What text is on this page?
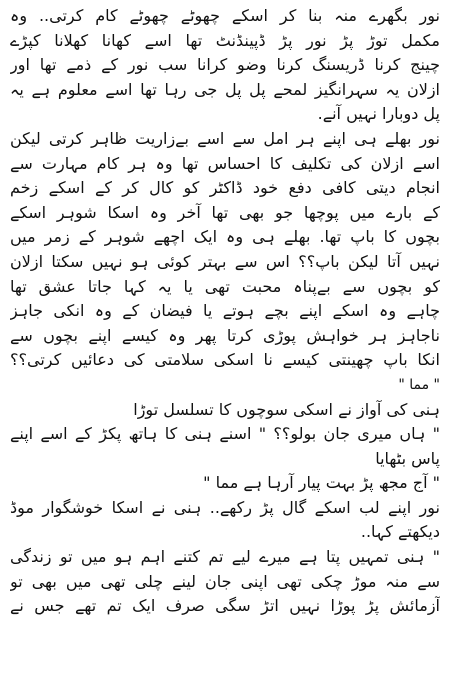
نور بگھرے منہ بنا کر اسکے چھوٹے چھوٹے کام کرتی.. وہ

مکمل توڑ پڑ نور پڑ ڈپینڈنٹ تھا اسے کھانا کھلانا کپڑے

چینج کرنا ڈریسنگ کرنا وضو کرانا سب نور کے ذمے تھا اور

ازلان یہ سہرانگیز لمحے پل پل جی رہا تھا اسے معلوم ہے یہ

پل دوبارا نہیں آنے.

نور بھلے ہی اپنے ہر امل سے اسے بےزاریت ظاہر کرتی لیکن

اسے ازلان کی تکلیف کا احساس تھا وہ ہر کام مہارت سے

انجام دیتی کافی دفع خود ڈاکٹر کو کال کر کے اسکے زخم

کے بارے میں پوچھا جو بھی تھا آخر وہ اسکا شوہر اسکے

بچوں کا باپ تھا. بھلے ہی وہ ایک اچھے شوہر کے زمر میں

نہیں آتا لیکن باپ؟؟ اس سے بہتر کوئی ہو نہیں سکتا ازلان

کو بچوں سے بےپناہ محبت تھی یا یہ کہا جاتا عشق تھا

چاہے وہ اسکے اپنے بچے ہوتے یا فیضان کے وہ انکی جاہز

ناجاہز ہر خواہش پوڑی کرتا پھر وہ کیسے اپنے بچوں سے

انکا باپ چھینتی کیسے نا اسکی سلامتی کی دعائیں کرتی؟؟

" مما "

ہنی کی آواز نے اسکی سوچوں کا تسلسل توڑا

" ہاں میری جان بولو؟؟ " اسنے ہنی کا ہاتھ پکڑ کے اسے اپنے

پاس بٹھایا

" آج مجھ پڑ بہت پیار آرہا ہے مما "

نور اپنے لب اسکے گال پڑ رکھے.. ہنی نے اسکا خوشگوار موڈ

دیکھتے کہا..

" ہنی تمہیں پتا ہے میرے لیے تم کتنے اہم ہو میں تو زندگی

سے منہ موڑ چکی تھی اپنی جان لینے چلی تھی میں بھی تو

آزمائش پڑ پوڑا نہیں اتڑ سگی صرف ایک تم تھے جس نے
